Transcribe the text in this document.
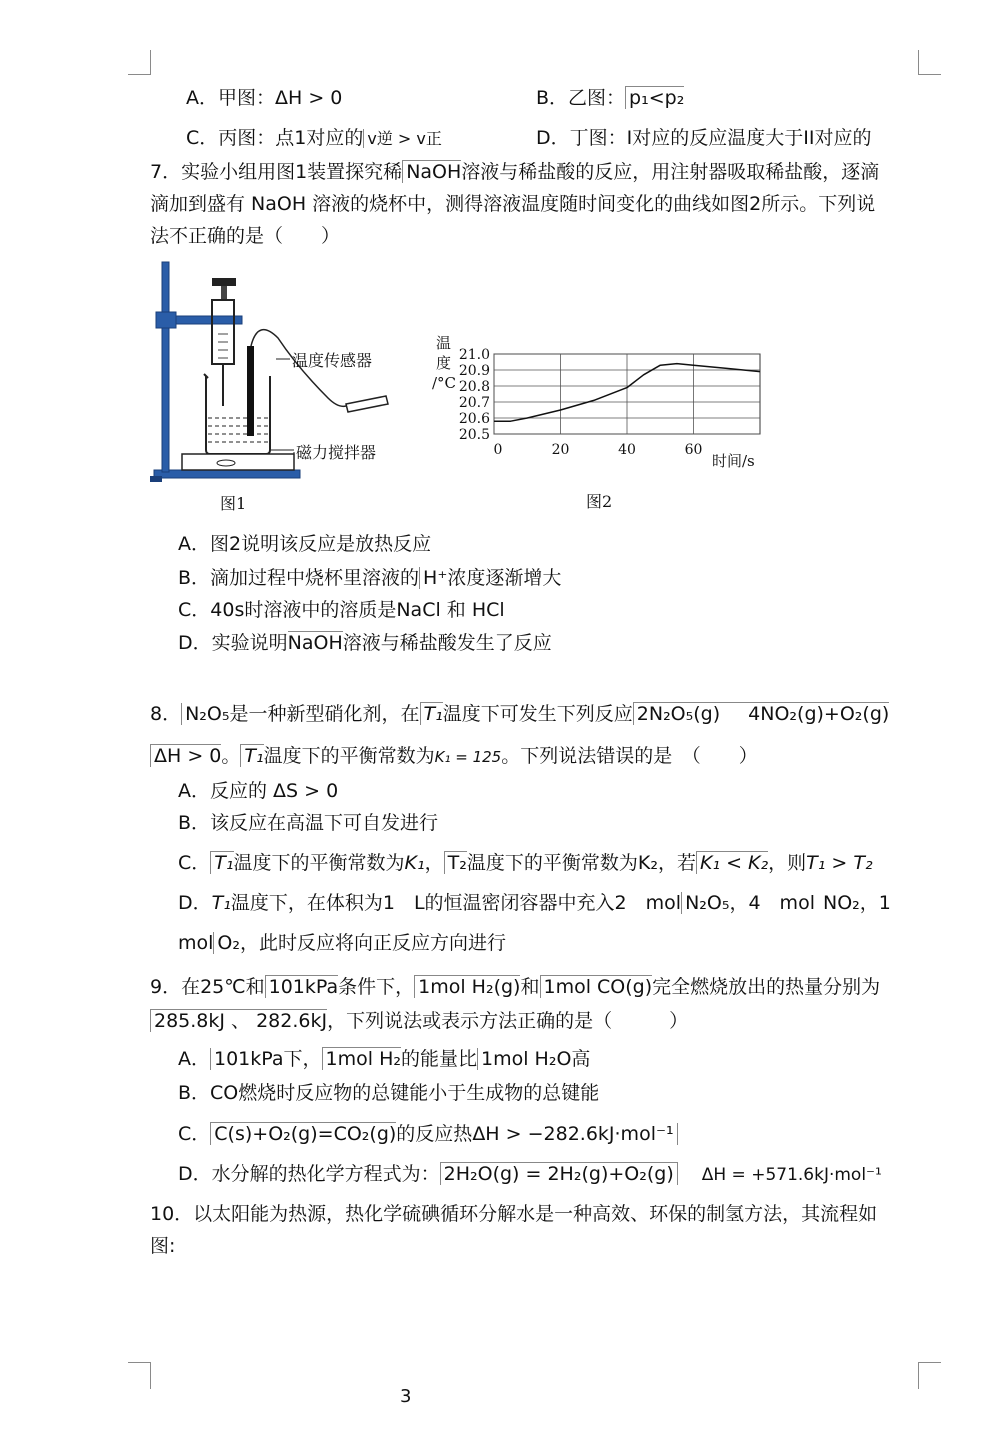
A．甲图：ΔH > 0	B．乙图： p₁<p₂
C．丙图：点1对应的 v逆 > v正	D．丁图：I对应的反应温度大于II对应的
7．实验小组用图1装置探究稀 NaOH溶液与稀盐酸的反应，用注射器吸取稀盐酸，逐滴
滴加到盛有 NaOH 溶液的烧杯中，测得溶液温度随时间变化的曲线如图2所示。下列说
法不正确的是（　　）
温度传感器
磁力搅拌器
图1
21.0
20.9
20.8
20.7
20.6
20.5
0	20	40	60
温
度
/°C
时间/s
图2
A．图2说明该反应是放热反应
B．滴加过程中烧杯里溶液的 H⁺浓度逐渐增大
C．40s时溶液中的溶质是NaCl 和 HCl
D．实验说明NaOH溶液与稀盐酸发生了反应
8． N₂O₅是一种新型硝化剂，在 T₁温度下可发生下列反应 2N₂O₅(g) 4NO₂(g)+O₂(g)
ΔH > 0。 T₁温度下的平衡常数为K₁ = 125。下列说法错误的是　（　　）
A．反应的 ΔS > 0
B．该反应在高温下可自发进行
C． T₁温度下的平衡常数为K₁， T₂温度下的平衡常数为K₂，若 K₁ < K₂，则T₁ > T₂
D．T₁温度下，在体积为1　L的恒温密闭容器中充入2　mol N₂O₅，4　mol NO₂，1
mol O₂，此时反应将向正反应方向进行
9．在25℃和 101kPa条件下， 1mol H₂(g)和 1mol CO(g)完全燃烧放出的热量分别为
285.8kJ 、 282.6kJ，下列说法或表示方法正确的是（　　　）
A． 101kPa下， 1mol H₂的能量比 1mol H₂O高
B．CO燃烧时反应物的总键能小于生成物的总键能
C． C(s)+O₂(g)=CO₂(g)的反应热ΔH > −282.6kJ·mol⁻¹
D．水分解的热化学方程式为： 2H₂O(g) = 2H₂(g)+O₂(g) ΔH = +571.6kJ·mol⁻¹
10．以太阳能为热源，热化学硫碘循环分解水是一种高效、环保的制氢方法，其流程如
图:
3
